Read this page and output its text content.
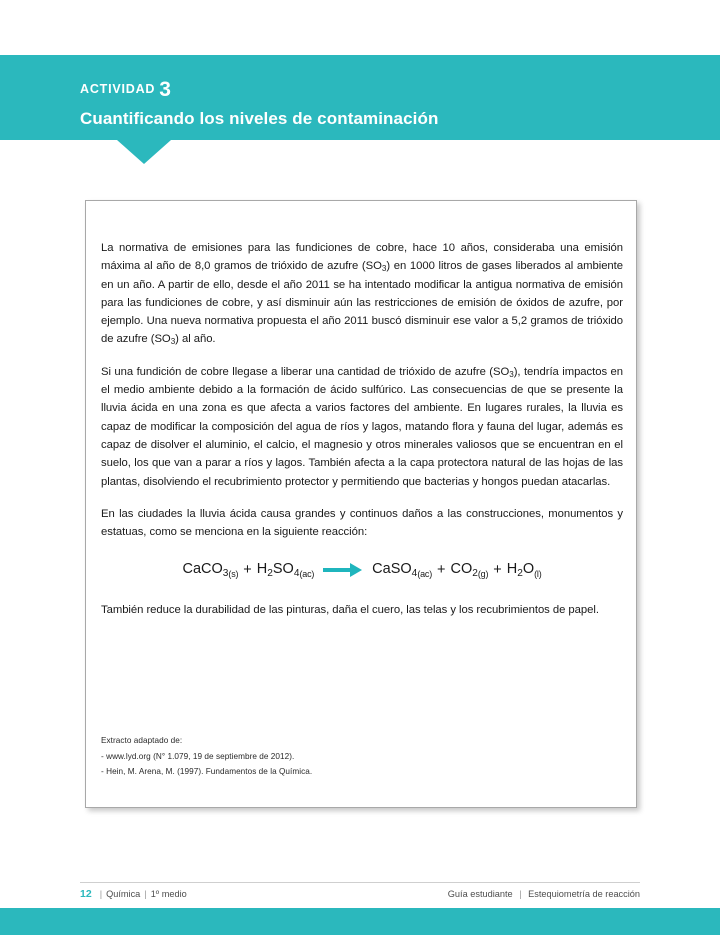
ACTIVIDAD 3
Cuantificando los niveles de contaminación

La normativa de emisiones para las fundiciones de cobre, hace 10 años, consideraba una emisión máxima al año de 8,0 gramos de trióxido de azufre $(SO_3)$ en 1000 litros de gases liberados al ambiente en un año. A partir de ello, desde el año 2011 se ha intentado modificar la antigua normativa de emisión para las fundiciones de cobre, y así disminuir aún las restricciones de emisión de óxidos de azufre, por ejemplo. Una nueva normativa propuesta el año 2011 buscó disminuir ese valor a 5,2 gramos de trióxido de azufre $(SO_3)$ al año.

Si una fundición de cobre llegase a liberar una cantidad de trióxido de azufre $(SO_3)$, tendría impactos en el medio ambiente debido a la formación de ácido sulfúrico. Las consecuencias de que se presente la lluvia ácida en una zona es que afecta a varios factores del ambiente. En lugares rurales, la lluvia es capaz de modificar la composición del agua de ríos y lagos, matando flora y fauna del lugar, además es capaz de disolver el aluminio, el calcio, el magnesio y otros minerales valiosos que se encuentran en el suelo, los que van a parar a ríos y lagos. También afecta a la capa protectora natural de las hojas de las plantas, disolviendo el recubrimiento protector y permitiendo que bacterias y hongos puedan atacarlas.

En las ciudades la lluvia ácida causa grandes y continuos daños a las construcciones, monumentos y estatuas, como se menciona en la siguiente reacción:

$CaCO3_{(s)} + H2SO4_{(ac)}$	$CaSO4_{(ac)} + CO2_{(g)} + H2O_{(l)}$

También reduce la durabilidad de las pinturas, daña el cuero, las telas y los recubrimientos de papel.

Extracto adaptado de:
- www.lyd.org (N° 1.079, 19 de septiembre de 2012).
- Hein, M. Arena, M. (1997). Fundamentos de la Química.
12 | Química | 1º medio	Guía estudiante | Estequiometría de reacción
